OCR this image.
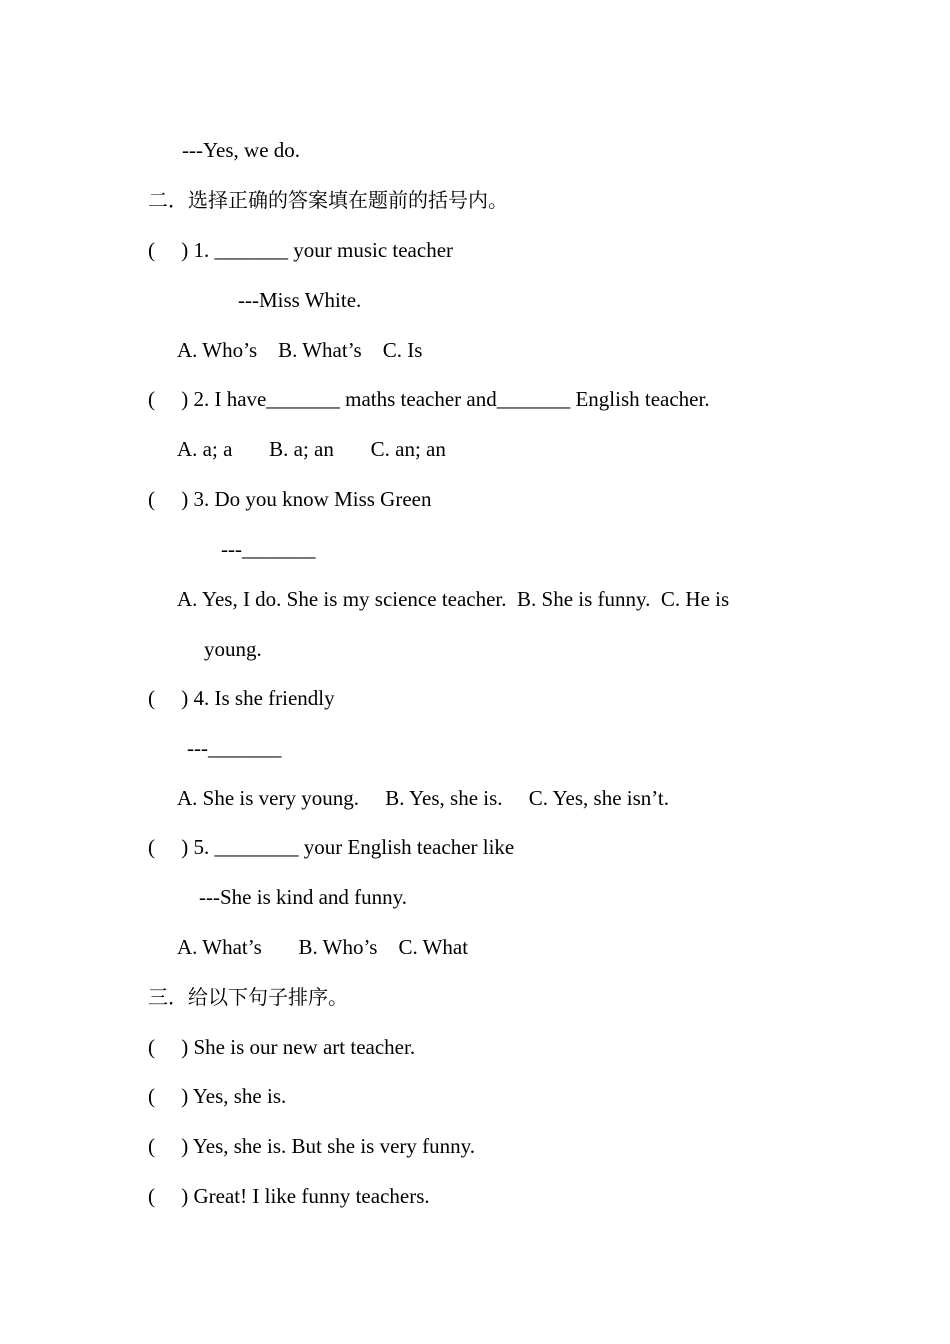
---Yes, we do.
二．选择正确的答案填在题前的括号内。
(     ) 1. _______ your music teacher
---Miss White.
A. Who’s    B. What’s    C. Is
(     ) 2. I have_______ maths teacher and_______ English teacher.
A. a; a       B. a; an       C. an; an
(     ) 3. Do you know Miss Green
---_______
A. Yes, I do. She is my science teacher.  B. She is funny.  C. He is
young.
(     ) 4. Is she friendly
---_______
A. She is very young.     B. Yes, she is.     C. Yes, she isn’t.
(     ) 5. ________ your English teacher like
---She is kind and funny.
A. What’s       B. Who’s    C. What
三．给以下句子排序。
(     ) She is our new art teacher.
(     ) Yes, she is.
(     ) Yes, she is. But she is very funny.
(     ) Great! I like funny teachers.
